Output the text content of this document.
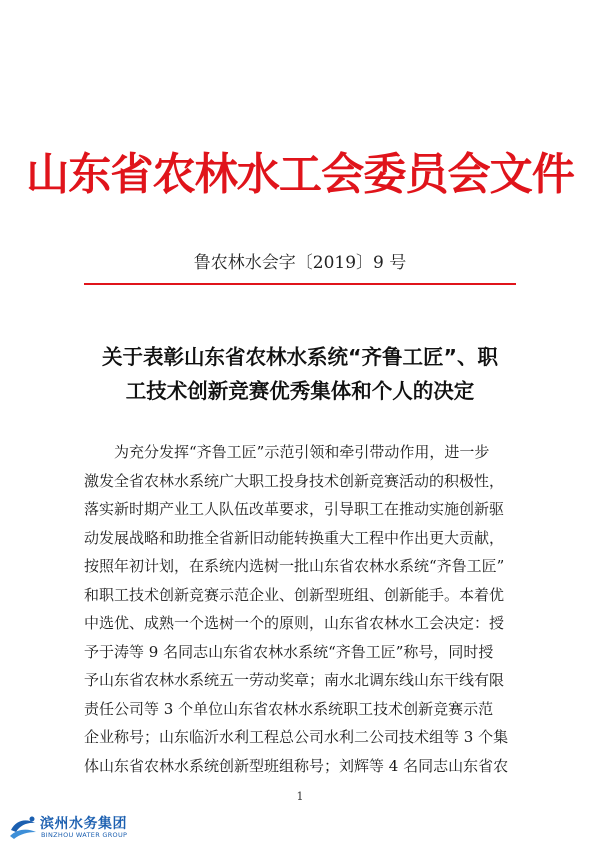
山东省农林水工会委员会文件
鲁农林水会字〔2019〕9 号
关于表彰山东省农林水系统“齐鲁工匠”、职
工技术创新竞赛优秀集体和个人的决定
为充分发挥“齐鲁工匠”示范引领和牵引带动作用，进一步
激发全省农林水系统广大职工投身技术创新竞赛活动的积极性，
落实新时期产业工人队伍改革要求，引导职工在推动实施创新驱
动发展战略和助推全省新旧动能转换重大工程中作出更大贡献，
按照年初计划，在系统内选树一批山东省农林水系统“齐鲁工匠”
和职工技术创新竞赛示范企业、创新型班组、创新能手。本着优
中选优、成熟一个选树一个的原则，山东省农林水工会决定：授
予于涛等 9 名同志山东省农林水系统“齐鲁工匠”称号，同时授
予山东省农林水系统五一劳动奖章；南水北调东线山东干线有限
责任公司等 3 个单位山东省农林水系统职工技术创新竞赛示范
企业称号；山东临沂水利工程总公司水利二公司技术组等 3 个集
体山东省农林水系统创新型班组称号；刘辉等 4 名同志山东省农
1
滨州水务集团
BINZHOU WATER GROUP
